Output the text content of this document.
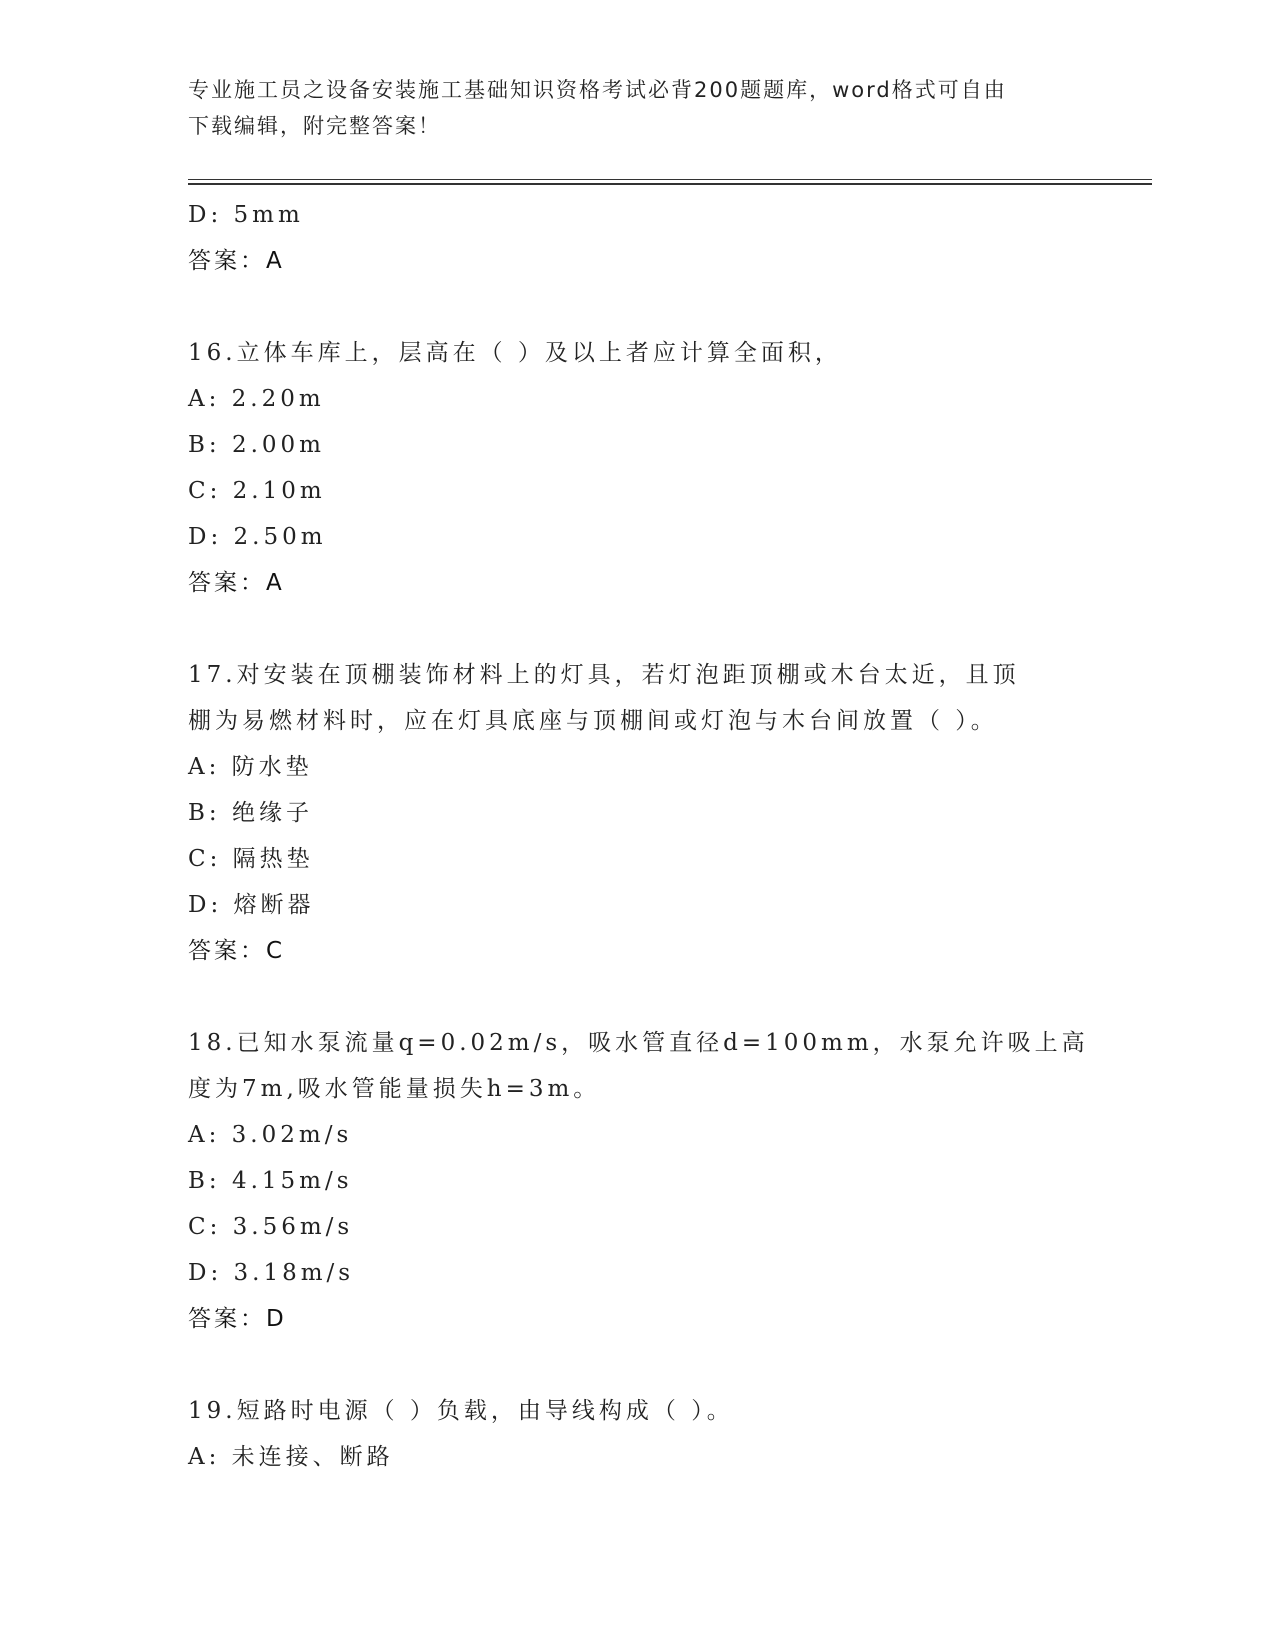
专业施工员之设备安装施工基础知识资格考试必背200题题库，word格式可自由
下载编辑，附完整答案！
D: 5mm
答案：A
16.立体车库上，层高在（ ）及以上者应计算全面积，
A: 2.20m
B: 2.00m
C: 2.10m
D: 2.50m
答案：A
17.对安装在顶棚装饰材料上的灯具，若灯泡距顶棚或木台太近，且顶
棚为易燃材料时，应在灯具底座与顶棚间或灯泡与木台间放置（ ）。
A: 防水垫
B: 绝缘子
C: 隔热垫
D: 熔断器
答案：C
18.已知水泵流量q=0.02m/s，吸水管直径d=100mm，水泵允许吸上高
度为7m,吸水管能量损失h=3m。
A: 3.02m/s
B: 4.15m/s
C: 3.56m/s
D: 3.18m/s
答案：D
19.短路时电源（ ）负载，由导线构成（ ）。
A: 未连接、断路
